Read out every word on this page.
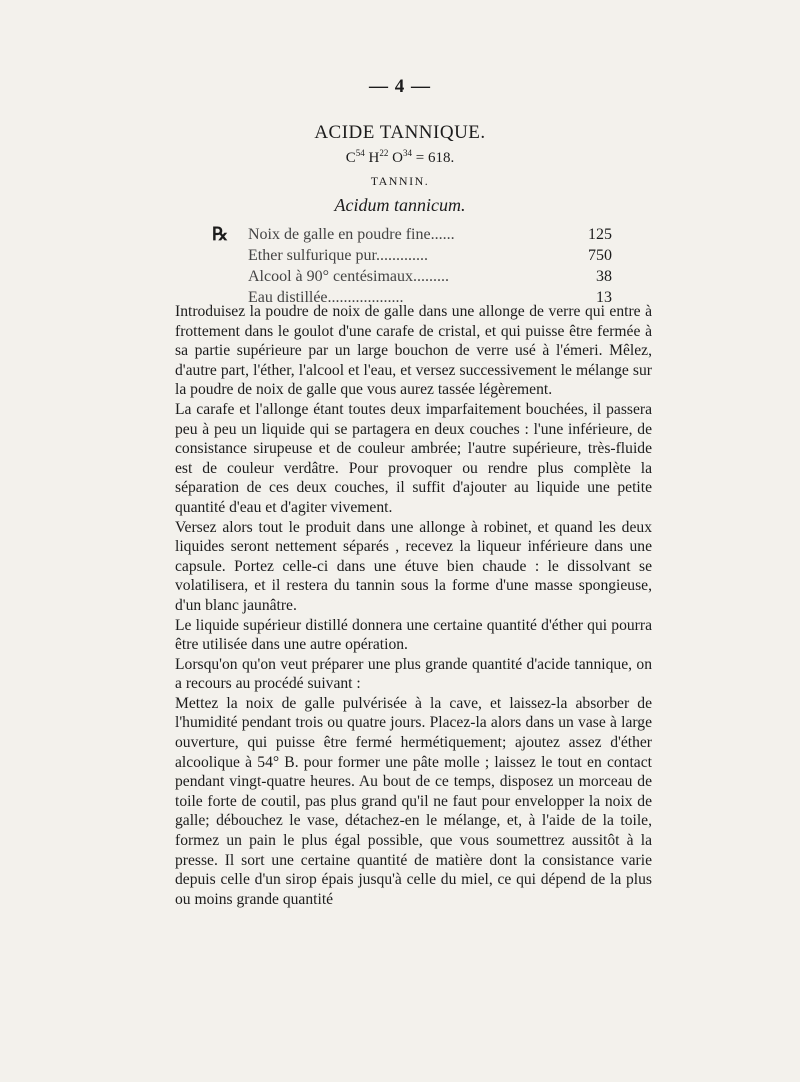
— 4 —
ACIDE TANNIQUE.
$C^{54}$ $H^{22}$ $O^{34} = 618$.
TANNIN.
Acidum tannicum.
℞ Noix de galle en poudre fine......	125
Ether sulfurique pur.............	750
Alcool à 90° centésimaux.........	38
Eau distillée...................	13

Introduisez la poudre de noix de galle dans une allonge de verre qui entre à frottement dans le goulot d'une carafe de cristal, et qui puisse être fermée à sa partie supérieure par un large bouchon de verre usé à l'émeri. Mêlez, d'autre part, l'éther, l'alcool et l'eau, et versez successivement le mélange sur la poudre de noix de galle que vous aurez tassée légèrement.

La carafe et l'allonge étant toutes deux imparfaitement bouchées, il passera peu à peu un liquide qui se partagera en deux couches : l'une inférieure, de consistance sirupeuse et de couleur ambrée; l'autre supérieure, très-fluide est de couleur verdâtre. Pour provoquer ou rendre plus complète la séparation de ces deux couches, il suffit d'ajouter au liquide une petite quantité d'eau et d'agiter vivement.

Versez alors tout le produit dans une allonge à robinet, et quand les deux liquides seront nettement séparés , recevez la liqueur inférieure dans une capsule. Portez celle-ci dans une étuve bien chaude : le dissolvant se volatilisera, et il restera du tannin sous la forme d'une masse spongieuse, d'un blanc jaunâtre.

Le liquide supérieur distillé donnera une certaine quantité d'éther qui pourra être utilisée dans une autre opération.

Lorsqu'on qu'on veut préparer une plus grande quantité d'acide tannique, on a recours au procédé suivant :

Mettez la noix de galle pulvérisée à la cave, et laissez-la absorber de l'humidité pendant trois ou quatre jours. Placez-la alors dans un vase à large ouverture, qui puisse être fermé hermétiquement; ajoutez assez d'éther alcoolique à 54° B. pour former une pâte molle ; laissez le tout en contact pendant vingt-quatre heures. Au bout de ce temps, disposez un morceau de toile forte de coutil, pas plus grand qu'il ne faut pour envelopper la noix de galle; débouchez le vase, détachez-en le mélange, et, à l'aide de la toile, formez un pain le plus égal possible, que vous soumettrez aussitôt à la presse. Il sort une certaine quantité de matière dont la consistance varie depuis celle d'un sirop épais jusqu'à celle du miel, ce qui dépend de la plus ou moins grande quantité
